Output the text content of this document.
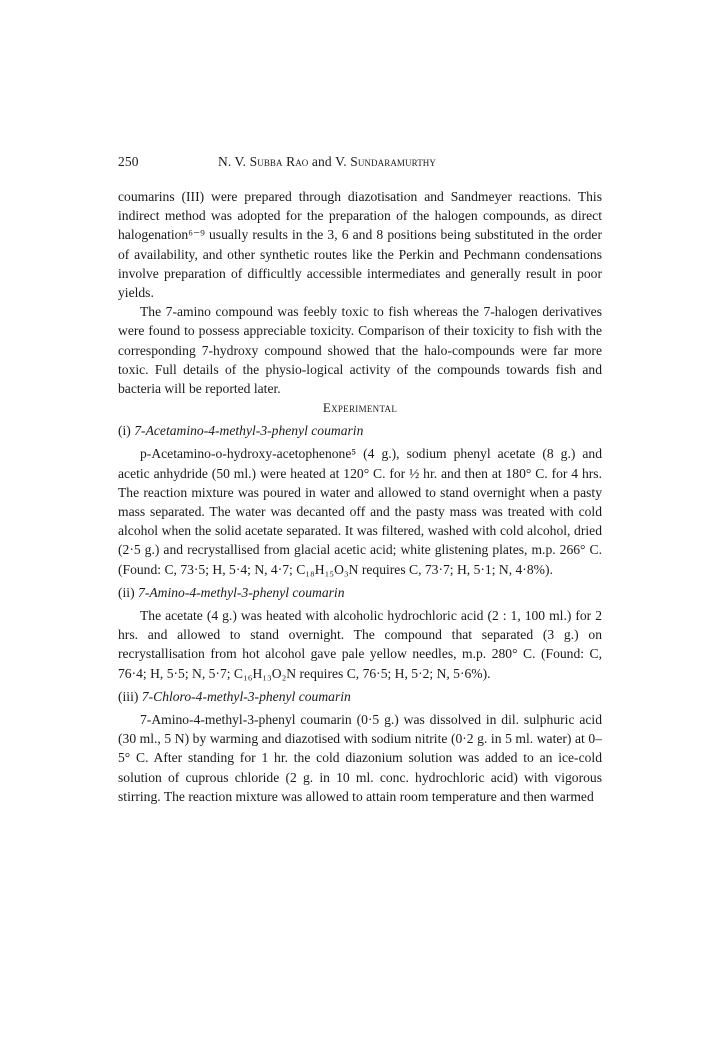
250	N. V. Subba Rao and V. Sundaramurthy

coumarins (III) were prepared through diazotisation and Sandmeyer reactions. This indirect method was adopted for the preparation of the halogen compounds, as direct halogenation⁶⁻⁹ usually results in the 3, 6 and 8 positions being substituted in the order of availability, and other synthetic routes like the Perkin and Pechmann condensations involve preparation of difficultly accessible intermediates and generally result in poor yields.

The 7-amino compound was feebly toxic to fish whereas the 7-halogen derivatives were found to possess appreciable toxicity. Comparison of their toxicity to fish with the corresponding 7-hydroxy compound showed that the halo-compounds were far more toxic. Full details of the physio-logical activity of the compounds towards fish and bacteria will be reported later.

Experimental
(i) 7-Acetamino-4-methyl-3-phenyl coumarin

p-Acetamino-o-hydroxy-acetophenone⁵ (4 g.), sodium phenyl acetate (8 g.) and acetic anhydride (50 ml.) were heated at 120° C. for ½ hr. and then at 180° C. for 4 hrs. The reaction mixture was poured in water and allowed to stand overnight when a pasty mass separated. The water was decanted off and the pasty mass was treated with cold alcohol when the solid acetate separated. It was filtered, washed with cold alcohol, dried (2·5 g.) and recrystallised from glacial acetic acid; white glistening plates, m.p. 266° C. (Found: C, 73·5; H, 5·4; N, 4·7; C₁₈H₁₅O₃N requires C, 73·7; H, 5·1; N, 4·8%).

(ii) 7-Amino-4-methyl-3-phenyl coumarin

The acetate (4 g.) was heated with alcoholic hydrochloric acid (2 : 1, 100 ml.) for 2 hrs. and allowed to stand overnight. The compound that separated (3 g.) on recrystallisation from hot alcohol gave pale yellow needles, m.p. 280° C. (Found: C, 76·4; H, 5·5; N, 5·7; C₁₆H₁₃O₂N requires C, 76·5; H, 5·2; N, 5·6%).

(iii) 7-Chloro-4-methyl-3-phenyl coumarin

7-Amino-4-methyl-3-phenyl coumarin (0·5 g.) was dissolved in dil. sulphuric acid (30 ml., 5 N) by warming and diazotised with sodium nitrite (0·2 g. in 5 ml. water) at 0–5° C. After standing for 1 hr. the cold diazonium solution was added to an ice-cold solution of cuprous chloride (2 g. in 10 ml. conc. hydrochloric acid) with vigorous stirring. The reaction mixture was allowed to attain room temperature and then warmed
